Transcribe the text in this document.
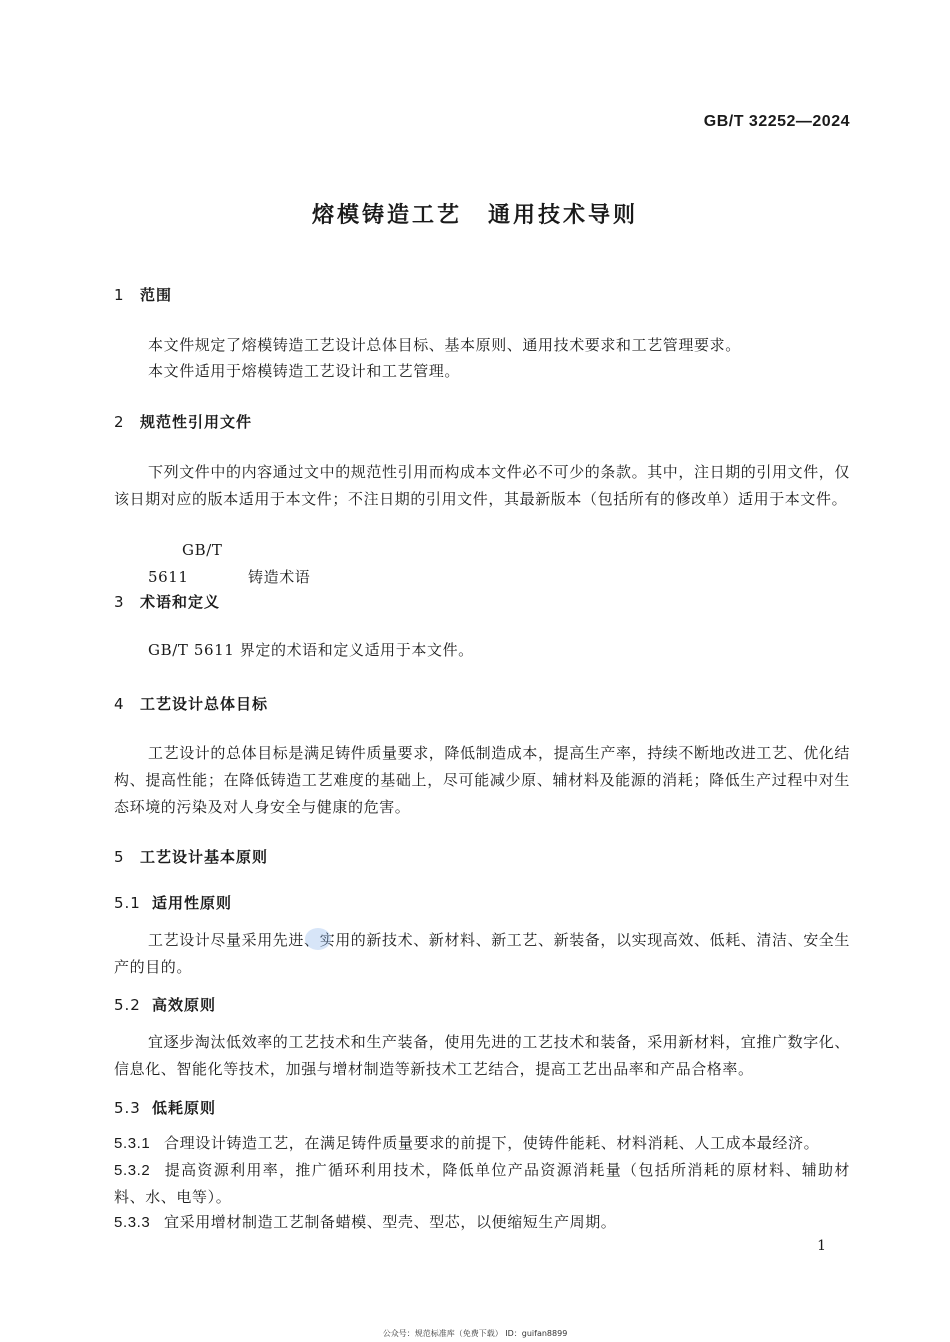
GB/T 32252—2024
熔模铸造工艺 通用技术导则
1 范围
本文件规定了熔模铸造工艺设计总体目标、基本原则、通用技术要求和工艺管理要求。
本文件适用于熔模铸造工艺设计和工艺管理。
2 规范性引用文件
下列文件中的内容通过文中的规范性引用而构成本文件必不可少的条款。其中，注日期的引用文件，仅该日期对应的版本适用于本文件；不注日期的引用文件，其最新版本（包括所有的修改单）适用于本文件。
GB/T 5611	铸造术语
3 术语和定义
GB/T 5611 界定的术语和定义适用于本文件。
4 工艺设计总体目标
工艺设计的总体目标是满足铸件质量要求，降低制造成本，提高生产率，持续不断地改进工艺、优化结构、提高性能；在降低铸造工艺难度的基础上，尽可能减少原、辅材料及能源的消耗；降低生产过程中对生态环境的污染及对人身安全与健康的危害。
5 工艺设计基本原则
5.1 适用性原则
工艺设计尽量采用先进、实用的新技术、新材料、新工艺、新装备，以实现高效、低耗、清洁、安全生产的目的。
5.2 高效原则
宜逐步淘汰低效率的工艺技术和生产装备，使用先进的工艺技术和装备，采用新材料，宜推广数字化、信息化、智能化等技术，加强与增材制造等新技术工艺结合，提高工艺出品率和产品合格率。
5.3 低耗原则
5.3.1 合理设计铸造工艺，在满足铸件质量要求的前提下，使铸件能耗、材料消耗、人工成本最经济。
5.3.2 提高资源利用率，推广循环利用技术，降低单位产品资源消耗量（包括所消耗的原材料、辅助材料、水、电等）。
5.3.3 宜采用增材制造工艺制备蜡模、型壳、型芯，以便缩短生产周期。
1
公众号：规范标准库（免费下载） ID：guifan8899
